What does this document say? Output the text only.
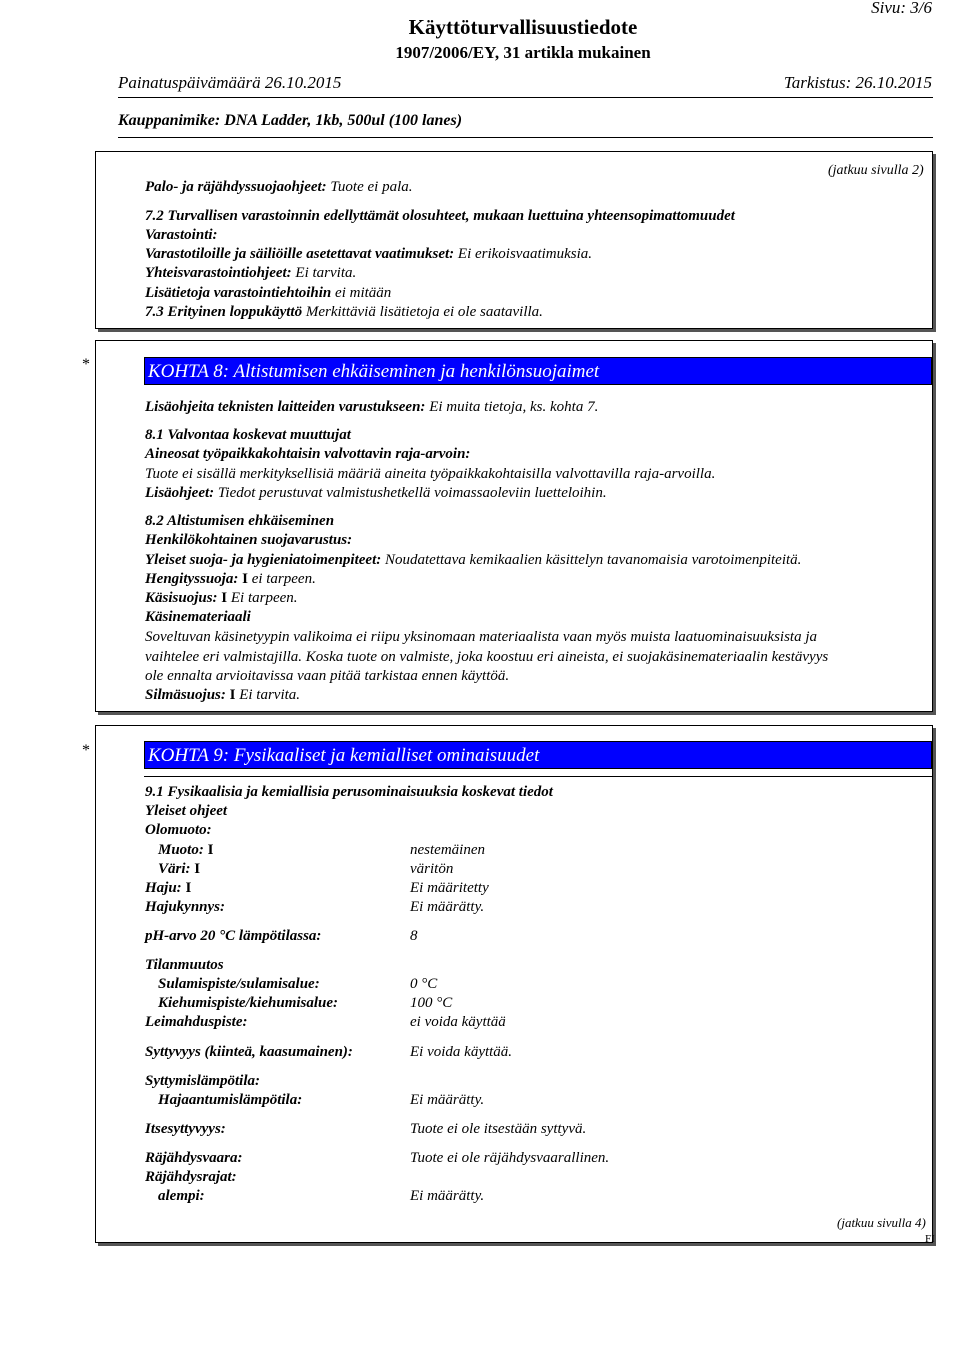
Sivu: 3/6
Käyttöturvallisuustiedote
1907/2006/EY, 31 artikla mukainen
Painatuspäivämäärä 26.10.2015	Tarkistus: 26.10.2015
Kauppanimike: DNA Ladder, 1kb, 500ul (100 lanes)
(jatkuu sivulla 2)
Palo- ja räjähdyssuojaohjeet: Tuote ei pala.
7.2 Turvallisen varastoinnin edellyttämät olosuhteet, mukaan luettuina yhteensopimattomuudet
Varastointi:
Varastotiloille ja säiliöille asetettavat vaatimukset: Ei erikoisvaatimuksia.
Yhteisvarastointiohjeet: Ei tarvita.
Lisätietoja varastointiehtoihin ei mitään
7.3 Erityinen loppukäyttö Merkittäviä lisätietoja ei ole saatavilla.
*	KOHTA 8: Altistumisen ehkäiseminen ja henkilönsuojaimet
Lisäohjeita teknisten laitteiden varustukseen: Ei muita tietoja, ks. kohta 7.
8.1 Valvontaa koskevat muuttujat
Aineosat työpaikkakohtaisin valvottavin raja-arvoin:
Tuote ei sisällä merkityksellisiä määriä aineita työpaikkakohtaisilla valvottavilla raja-arvoilla.
Lisäohjeet: Tiedot perustuvat valmistushetkellä voimassaoleviin luetteloihin.
8.2 Altistumisen ehkäiseminen
Henkilökohtainen suojavarustus:
Yleiset suoja- ja hygieniatoimenpiteet: Noudatettava kemikaalien käsittelyn tavanomaisia varotoimenpiteitä.
Hengityssuoja: I ei tarpeen.
Käsisuojus: I Ei tarpeen.
Käsinemateriaali
Soveltuvan käsinetyypin valikoima ei riipu yksinomaan materiaalista vaan myös muista laatuominaisuuksista ja
vaihtelee eri valmistajilla. Koska tuote on valmiste, joka koostuu eri aineista, ei suojakäsinemateriaalin kestävyys
ole ennalta arvioitavissa vaan pitää tarkistaa ennen käyttöä.
Silmäsuojus: I Ei tarvita.
*	KOHTA 9: Fysikaaliset ja kemialliset ominaisuudet
9.1 Fysikaalisia ja kemiallisia perusominaisuuksia koskevat tiedot
Yleiset ohjeet
Olomuoto:
Muoto: I	nestemäinen
Väri: I	väritön
Haju: I	Ei määritetty
Hajukynnys:	Ei määrätty.
pH-arvo 20 °C lämpötilassa:	8
Tilanmuutos
Sulamispiste/sulamisalue:	0 °C
Kiehumispiste/kiehumisalue:	100 °C
Leimahduspiste:	ei voida käyttää
Syttyvyys (kiinteä, kaasumainen):	Ei voida käyttää.
Syttymislämpötila:
Hajaantumislämpötila:	Ei määrätty.
Itsesyttyvyys:	Tuote ei ole itsestään syttyvä.
Räjähdysvaara:	Tuote ei ole räjähdysvaarallinen.
Räjähdysrajat:
alempi:	Ei määrätty.
(jatkuu sivulla 4)
FI
